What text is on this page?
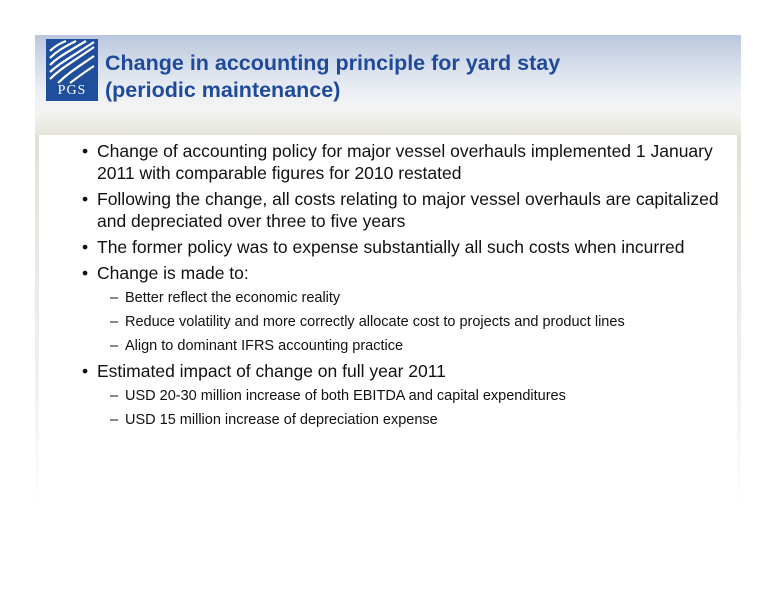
PGS
Change in accounting principle for yard stay
(periodic maintenance)
• Change of accounting policy for major vessel overhauls implemented 1 January 2011 with comparable figures for 2010 restated
• Following the change, all costs relating to major vessel overhauls are capitalized and depreciated over three to five years
• The former policy was to expense substantially all such costs when incurred
• Change is made to:
– Better reflect the economic reality
– Reduce volatility and more correctly allocate cost to projects and product lines
– Align to dominant IFRS accounting practice
• Estimated impact of change on full year 2011
– USD 20-30 million increase of both EBITDA and capital expenditures
– USD 15 million increase of depreciation expense
